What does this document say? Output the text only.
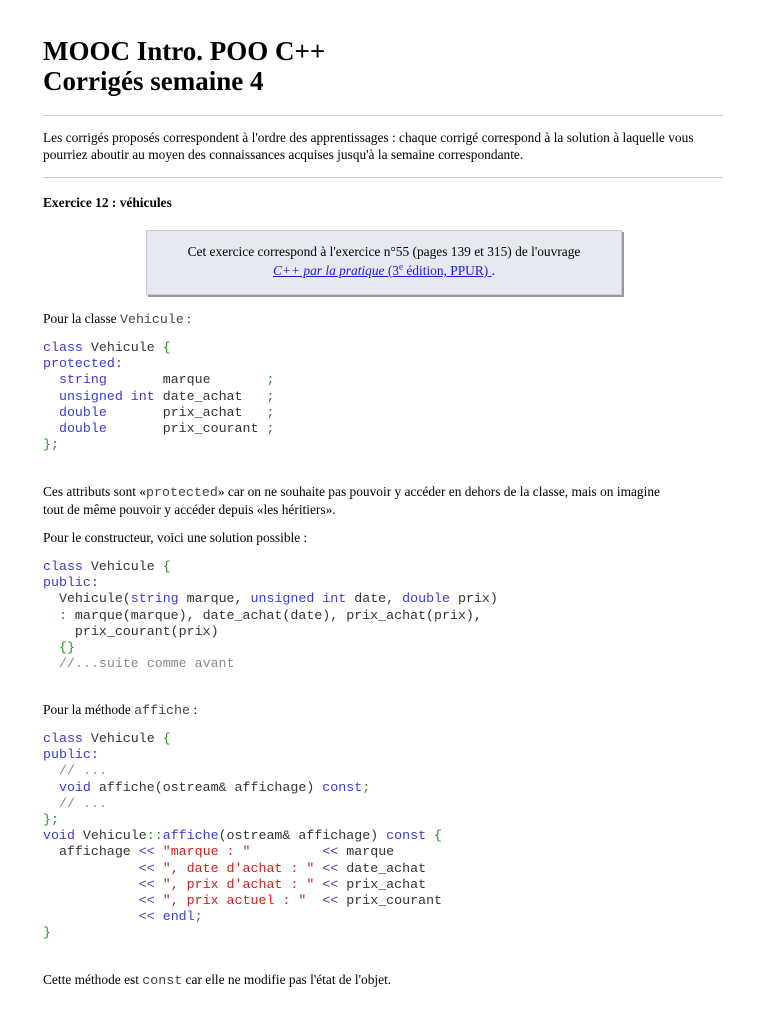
MOOC Intro. POO C++
Corrigés semaine 4

Les corrigés proposés correspondent à l'ordre des apprentissages : chaque corrigé correspond à la solution à laquelle vous pourriez aboutir au moyen des connaissances acquises jusqu'à la semaine correspondante.

Exercice 12 : véhicules

Cet exercice correspond à l'exercice n°55 (pages 139 et 315) de l'ouvrage
C++ par la pratique (3e édition, PPUR) .

Pour la classe Vehicule :

class Vehicule {
protected:
string       marque       ;
unsigned int date_achat   ;
double       prix_achat   ;
double       prix_courant ;
};

Ces attributs sont «protected» car on ne souhaite pas pouvoir y accéder en dehors de la classe, mais on imagine
tout de même pouvoir y accéder depuis «les héritiers».

Pour le constructeur, voici une solution possible :

class Vehicule {
public:
Vehicule(string marque, unsigned int date, double prix)
: marque(marque), date_achat(date), prix_achat(prix),
prix_courant(prix)
{}
//...suite comme avant

Pour la méthode affiche :

class Vehicule {
public:
// ...
void affiche(ostream& affichage) const;
// ...
};
void Vehicule::affiche(ostream& affichage) const {
affichage << "marque : "	<< marque
<< ", date d'achat : " << date_achat
<< ", prix d'achat : " << prix_achat
<< ", prix actuel : " << prix_courant
<< endl;
}

Cette méthode est const car elle ne modifie pas l'état de l'objet.
